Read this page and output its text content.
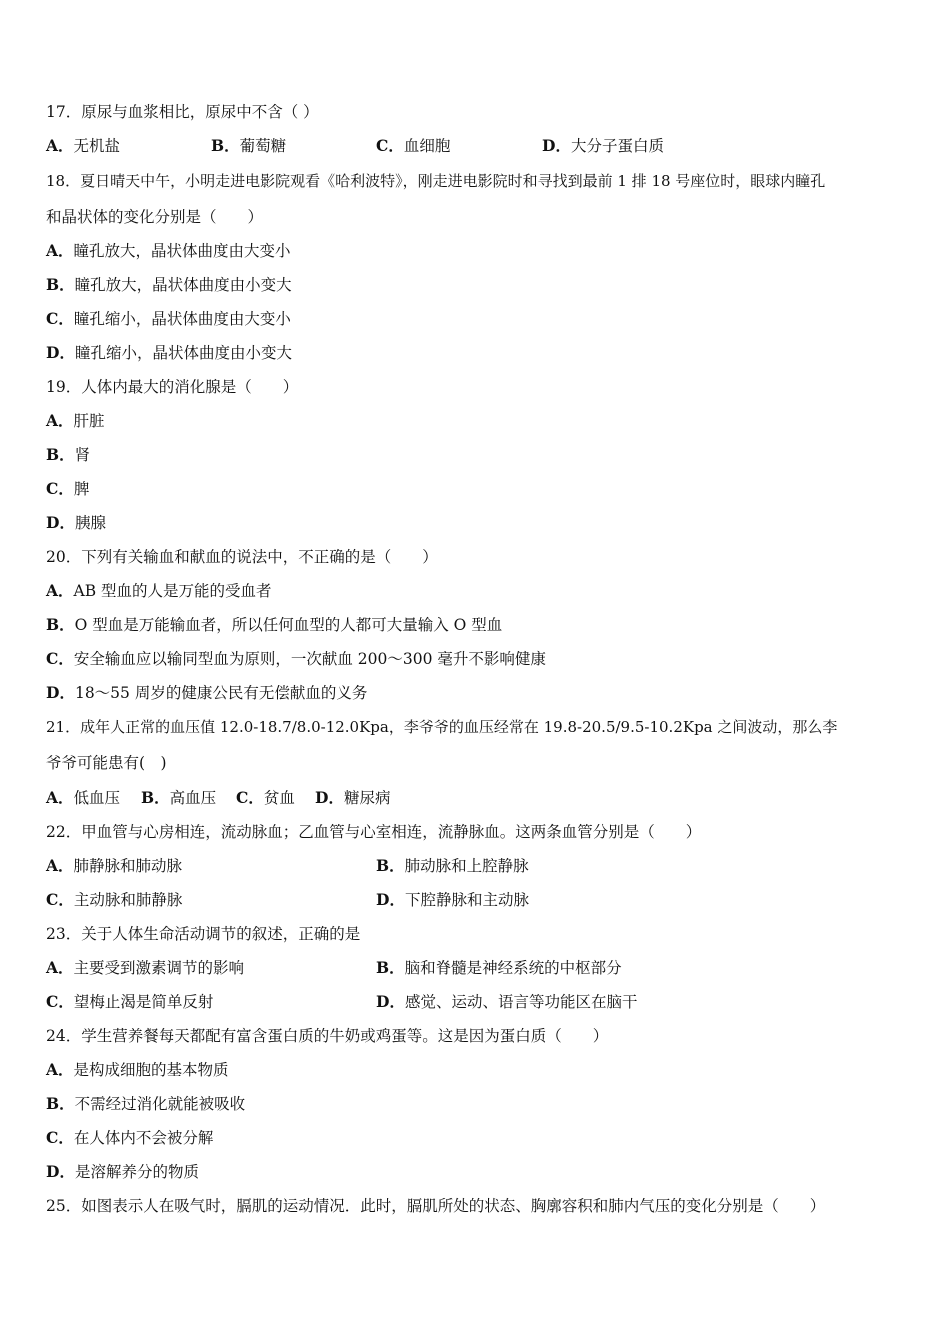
17．原尿与血浆相比，原尿中不含（ ）
A．无机盐	B．葡萄糖	C．血细胞	D．大分子蛋白质
18．夏日晴天中午，小明走进电影院观看《哈利波特》，刚走进电影院时和寻找到最前 1 排 18 号座位时，眼球内瞳孔
和晶状体的变化分别是（　　）
A．瞳孔放大，晶状体曲度由大变小
B．瞳孔放大，晶状体曲度由小变大
C．瞳孔缩小，晶状体曲度由大变小
D．瞳孔缩小，晶状体曲度由小变大
19．人体内最大的消化腺是（　　）
A．肝脏
B．肾
C．脾
D．胰腺
20．下列有关输血和献血的说法中，不正确的是（　　）
A．AB 型血的人是万能的受血者
B．O 型血是万能输血者，所以任何血型的人都可大量输入 O 型血
C．安全输血应以输同型血为原则，一次献血 200～300 毫升不影响健康
D．18～55 周岁的健康公民有无偿献血的义务
21．成年人正常的血压值 12.0-18.7/8.0-12.0Kpa，李爷爷的血压经常在 19.8-20.5/9.5-10.2Kpa 之间波动，那么李
爷爷可能患有(　)
A．低血压 B．高血压 C．贫血 D．糖尿病
22．甲血管与心房相连，流动脉血；乙血管与心室相连，流静脉血。这两条血管分别是（　　）
A．肺静脉和肺动脉	B．肺动脉和上腔静脉
C．主动脉和肺静脉	D．下腔静脉和主动脉
23．关于人体生命活动调节的叙述，正确的是
A．主要受到激素调节的影响	B．脑和脊髓是神经系统的中枢部分
C．望梅止渴是简单反射	D．感觉、运动、语言等功能区在脑干
24．学生营养餐每天都配有富含蛋白质的牛奶或鸡蛋等。这是因为蛋白质（　　）
A．是构成细胞的基本物质
B．不需经过消化就能被吸收
C．在人体内不会被分解
D．是溶解养分的物质
25．如图表示人在吸气时，膈肌的运动情况．此时，膈肌所处的状态、胸廓容积和肺内气压的变化分别是（　　）
